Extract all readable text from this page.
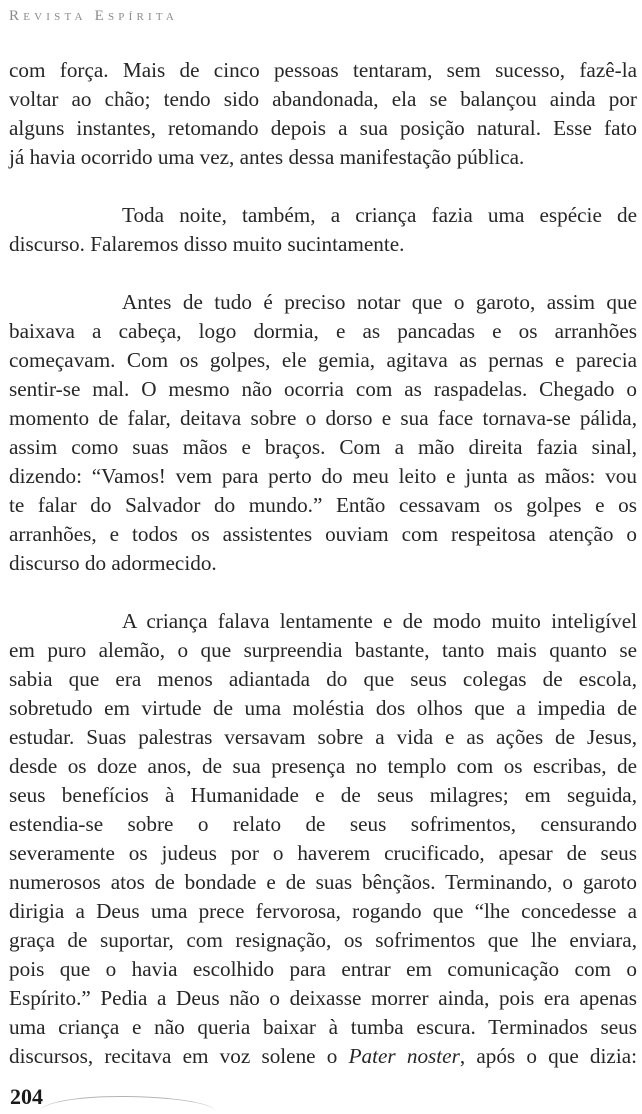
Revista Espírita

com força. Mais de cinco pessoas tentaram, sem sucesso, fazê-la
voltar ao chão; tendo sido abandonada, ela se balançou ainda por
alguns instantes, retomando depois a sua posição natural. Esse fato
já havia ocorrido uma vez, antes dessa manifestação pública.

Toda noite, também, a criança fazia uma espécie de
discurso. Falaremos disso muito sucintamente.

Antes de tudo é preciso notar que o garoto, assim que
baixava a cabeça, logo dormia, e as pancadas e os arranhões
começavam. Com os golpes, ele gemia, agitava as pernas e parecia
sentir-se mal. O mesmo não ocorria com as raspadelas. Chegado o
momento de falar, deitava sobre o dorso e sua face tornava-se pálida,
assim como suas mãos e braços. Com a mão direita fazia sinal,
dizendo: “Vamos! vem para perto do meu leito e junta as mãos: vou
te falar do Salvador do mundo.” Então cessavam os golpes e os
arranhões, e todos os assistentes ouviam com respeitosa atenção o
discurso do adormecido.

A criança falava lentamente e de modo muito inteligível
em puro alemão, o que surpreendia bastante, tanto mais quanto se
sabia que era menos adiantada do que seus colegas de escola,
sobretudo em virtude de uma moléstia dos olhos que a impedia de
estudar. Suas palestras versavam sobre a vida e as ações de Jesus,
desde os doze anos, de sua presença no templo com os escribas, de
seus benefícios à Humanidade e de seus milagres; em seguida,
estendia-se sobre o relato de seus sofrimentos, censurando
severamente os judeus por o haverem crucificado, apesar de seus
numerosos atos de bondade e de suas bênçãos. Terminando, o garoto
dirigia a Deus uma prece fervorosa, rogando que “lhe concedesse a
graça de suportar, com resignação, os sofrimentos que lhe enviara,
pois que o havia escolhido para entrar em comunicação com o
Espírito.” Pedia a Deus não o deixasse morrer ainda, pois era apenas
uma criança e não queria baixar à tumba escura. Terminados seus
discursos, recitava em voz solene o Pater noster, após o que dizia:

204
